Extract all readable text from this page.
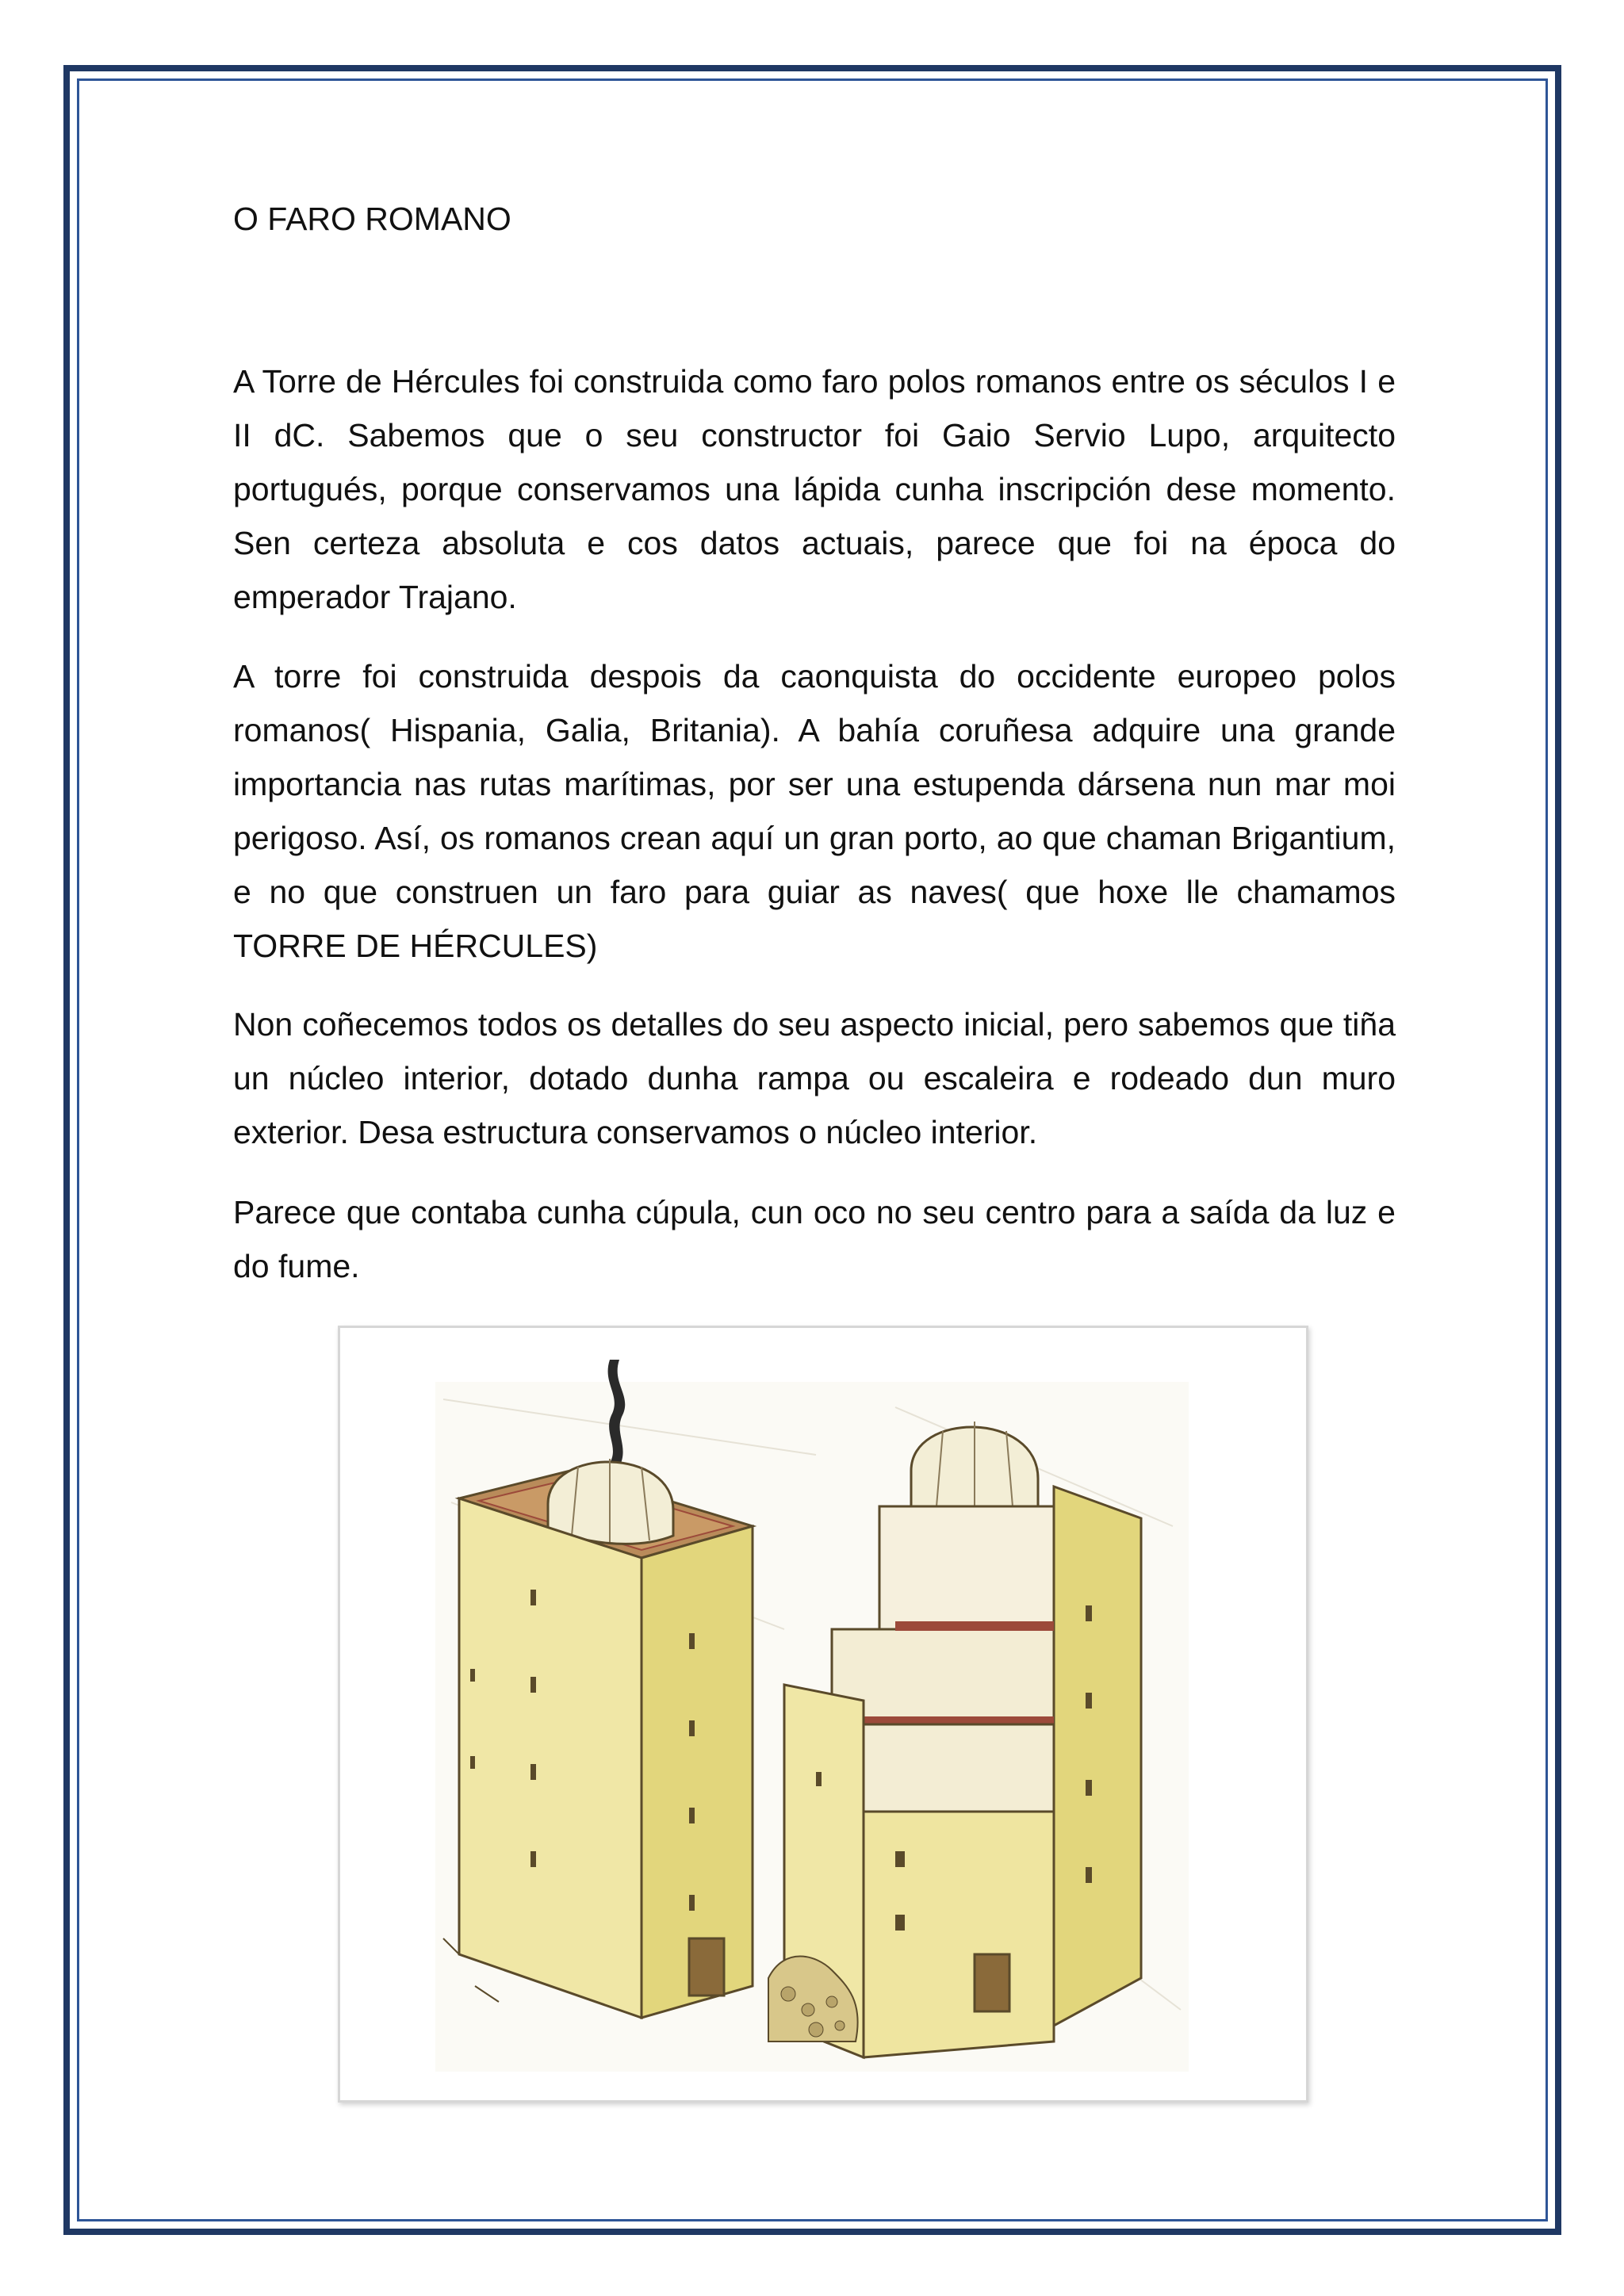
O FARO ROMANO

A Torre de Hércules foi construida como faro polos romanos entre os séculos I e II dC. Sabemos que o seu constructor foi Gaio Servio Lupo, arquitecto portugués, porque conservamos una lápida cunha inscripción dese momento. Sen certeza absoluta e cos datos actuais, parece que foi na época do emperador Trajano.

A torre foi construida despois da caonquista do occidente europeo polos romanos( Hispania, Galia, Britania). A bahía coruñesa adquire una grande importancia nas rutas marítimas, por ser una estupenda dársena nun mar moi perigoso. Así, os romanos crean aquí un gran porto, ao que chaman Brigantium, e no que construen un faro para guiar as naves( que hoxe lle chamamos TORRE DE HÉRCULES)

Non coñecemos todos os detalles do seu aspecto inicial, pero sabemos que tiña un núcleo interior, dotado dunha rampa ou escaleira e rodeado dun muro exterior. Desa estructura conservamos o núcleo interior.

Parece que contaba cunha cúpula, cun oco no seu centro para a saída da luz e do fume.
